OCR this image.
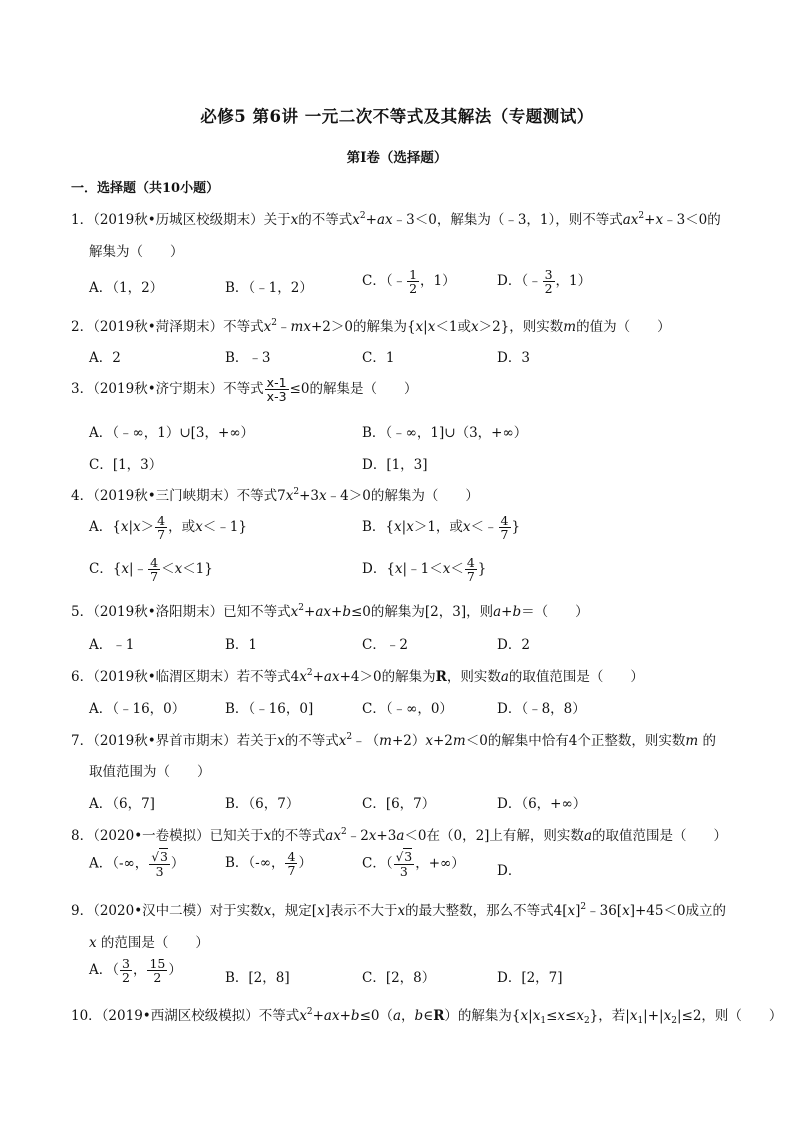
必修5 第6讲 一元二次不等式及其解法（专题测试）
第Ⅰ卷（选择题）
一．选择题（共10小题）
1．（2019秋•历城区校级期末）关于x的不等式$x^2+ax﹣3<0$，解集为（﹣3，1），则不等式$ax^2+x﹣3<0$的
解集为（　　）
A．（1，2）	B．（﹣1，2）	C．（﹣ $\frac{1}{2}$ ，1）	D．（﹣ $\frac{3}{2}$ ，1）
2．（2019秋•菏泽期末）不等式$x^2﹣mx+2>0$的解集为{x|x＜1或x＞2}，则实数m的值为（　　）
A．2	B．﹣3	C．1	D．3
3．（2019秋•济宁期末）不等式 $\frac{x-1}{x-3} \le 0$的解集是（　　）
A．（﹣∞，1）∪[3，+∞）	B．（﹣∞，1]∪（3，+∞）
C．[1，3）	D．[1，3]
4．（2019秋•三门峡期末）不等式$7x^2+3x﹣4>0$的解集为（　　）
A．{$x|x> \frac{4}{7}$ ，或x＜﹣1}	B．{x|x＞1，或x＜﹣ $\frac{4}{7}$ }
C．{x|﹣ $\frac{4}{7} <x<1$}	D．{x|﹣1＜x＜ $\frac{4}{7}$ }
5．（2019秋•洛阳期末）已知不等式$x^2+ax+b\le 0$的解集为[2，3]，则a+b＝（　　）
A．﹣1	B．1	C．﹣2	D．2
6．（2019秋•临渭区期末）若不等式$4x^2+ax+4>0$的解集为R，则实数a的取值范围是（　　）
A．（﹣16，0）	B．（﹣16，0]	C．（﹣∞，0）	D．（﹣8，8）
7．（2019秋•界首市期末）若关于x的不等式$x^2﹣(m+2)x+2m<0$的解集中恰有4个正整数，则实数m 的
取值范围为（　　）
A．（6，7]	B．（6，7）	C．[6，7）	D．（6，+∞）
8．（2020•一卷模拟）已知关于x的不等式$ax^2﹣2x+3a<0$在（0，2]上有解，则实数a的取值范围是（　　）
A．（-∞， $\frac{√3}{3}$ ）	B．（-∞， $\frac{4}{7}$ ）	C．（ $\frac{√3}{3}$ ，+∞） D．
9．（2020•汉中二模）对于实数x，规定[x]表示不大于x的最大整数，那么不等式$4[x]^2﹣36[x]+45<0$成立的
x 的范围是（　　）
A．（ $\frac{3}{2}$ ， $\frac{15}{2}$ ）	B．[2，8]	C．[2，8）	D．[2，7]
10．（2019•西湖区校级模拟）不等式$x^2+ax+b\le 0(a$，b∈R）的解集为$\{x|x_1\le x\le x_2\}$，若$|x_1|+|x_2|\le 2$，则（　　）
